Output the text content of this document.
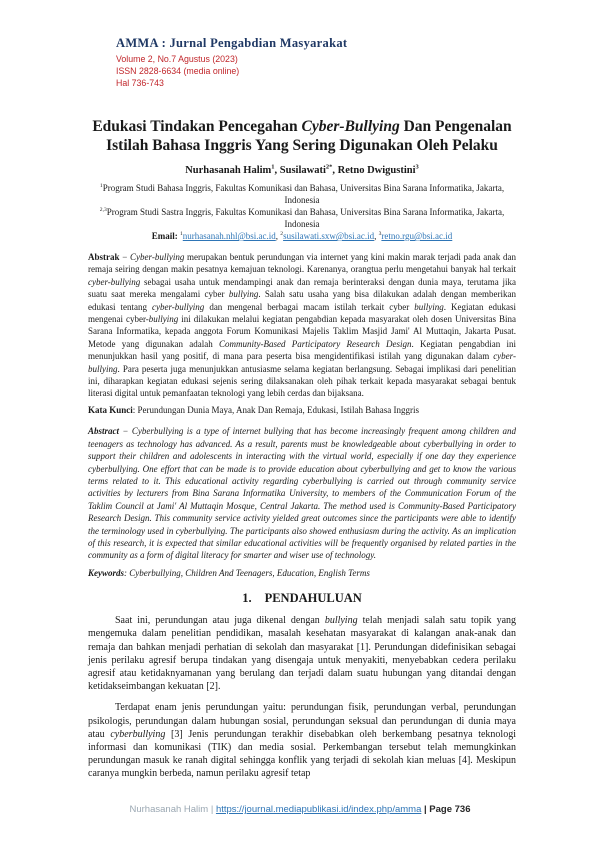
AMMA : Jurnal Pengabdian Masyarakat
Volume 2, No.7 Agustus (2023)
ISSN 2828-6634 (media online)
Hal 736-743
Edukasi Tindakan Pencegahan Cyber-Bullying Dan Pengenalan Istilah Bahasa Inggris Yang Sering Digunakan Oleh Pelaku
Nurhasanah Halim$^1$, Susilawati$^{2*}$, Retno Dwigustini$^3$
$^1$Program Studi Bahasa Inggris, Fakultas Komunikasi dan Bahasa, Universitas Bina Sarana Informatika, Jakarta, Indonesia
$^{2,3}$Program Studi Sastra Inggris, Fakultas Komunikasi dan Bahasa, Universitas Bina Sarana Informatika, Jakarta, Indonesia
Email: $^1$nurhasanah.nhl@bsi.ac.id, $^2$susilawati.sxw@bsi.ac.id, $^3$retno.rgu@bsi.ac.id

Abstrak − Cyber-bullying merupakan bentuk perundungan via internet yang kini makin marak terjadi pada anak dan remaja seiring dengan makin pesatnya kemajuan teknologi. Karenanya, orangtua perlu mengetahui banyak hal terkait cyber-bullying sebagai usaha untuk mendampingi anak dan remaja berinteraksi dengan dunia maya, terutama jika suatu saat mereka mengalami cyber bullying. Salah satu usaha yang bisa dilakukan adalah dengan memberikan edukasi tentang cyber-bullying dan mengenal berbagai macam istilah terkait cyber bullying. Kegiatan edukasi mengenai cyber-bullying ini dilakukan melalui kegiatan pengabdian kepada masyarakat oleh dosen Universitas Bina Sarana Informatika, kepada anggota Forum Komunikasi Majelis Taklim Masjid Jami' Al Muttaqin, Jakarta Pusat. Metode yang digunakan adalah Community-Based Participatory Research Design. Kegiatan pengabdian ini menunjukkan hasil yang positif, di mana para peserta bisa mengidentifikasi istilah yang digunakan dalam cyber-bullying. Para peserta juga menunjukkan antusiasme selama kegiatan berlangsung. Sebagai implikasi dari penelitian ini, diharapkan kegiatan edukasi sejenis sering dilaksanakan oleh pihak terkait kepada masyarakat sebagai bentuk literasi digital untuk pemanfaatan teknologi yang lebih cerdas dan bijaksana.

Kata Kunci: Perundungan Dunia Maya, Anak Dan Remaja, Edukasi, Istilah Bahasa Inggris

Abstract − Cyberbullying is a type of internet bullying that has become increasingly frequent among children and teenagers as technology has advanced. As a result, parents must be knowledgeable about cyberbullying in order to support their children and adolescents in interacting with the virtual world, especially if one day they experience cyberbullying. One effort that can be made is to provide education about cyberbullying and get to know the various terms related to it. This educational activity regarding cyberbullying is carried out through community service activities by lecturers from Bina Sarana Informatika University, to members of the Communication Forum of the Taklim Council at Jami' Al Muttaqin Mosque, Central Jakarta. The method used is Community-Based Participatory Research Design. This community service activity yielded great outcomes since the participants were able to identify the terminology used in cyberbullying. The participants also showed enthusiasm during the activity. As an implication of this research, it is expected that similar educational activities will be frequently organised by related parties in the community as a form of digital literacy for smarter and wiser use of technology.

Keywords: Cyberbullying, Children And Teenagers, Education, English Terms

1. PENDAHULUAN

Saat ini, perundungan atau juga dikenal dengan bullying telah menjadi salah satu topik yang mengemuka dalam penelitian pendidikan, masalah kesehatan masyarakat di kalangan anak-anak dan remaja dan bahkan menjadi perhatian di sekolah dan masyarakat [1]. Perundungan didefinisikan sebagai jenis perilaku agresif berupa tindakan yang disengaja untuk menyakiti, menyebabkan cedera perilaku agresif atau ketidaknyamanan yang berulang dan terjadi dalam suatu hubungan yang ditandai dengan ketidakseimbangan kekuatan [2].

Terdapat enam jenis perundungan yaitu: perundungan fisik, perundungan verbal, perundungan psikologis, perundungan dalam hubungan sosial, perundungan seksual dan perundungan di dunia maya atau cyberbullying [3] Jenis perundungan terakhir disebabkan oleh berkembang pesatnya teknologi informasi dan komunikasi (TIK) dan media sosial. Perkembangan tersebut telah memungkinkan perundungan masuk ke ranah digital sehingga konflik yang terjadi di sekolah kian meluas [4]. Meskipun caranya mungkin berbeda, namun perilaku agresif tetap

Nurhasanah Halim | https://journal.mediapublikasi.id/index.php/amma | Page 736
